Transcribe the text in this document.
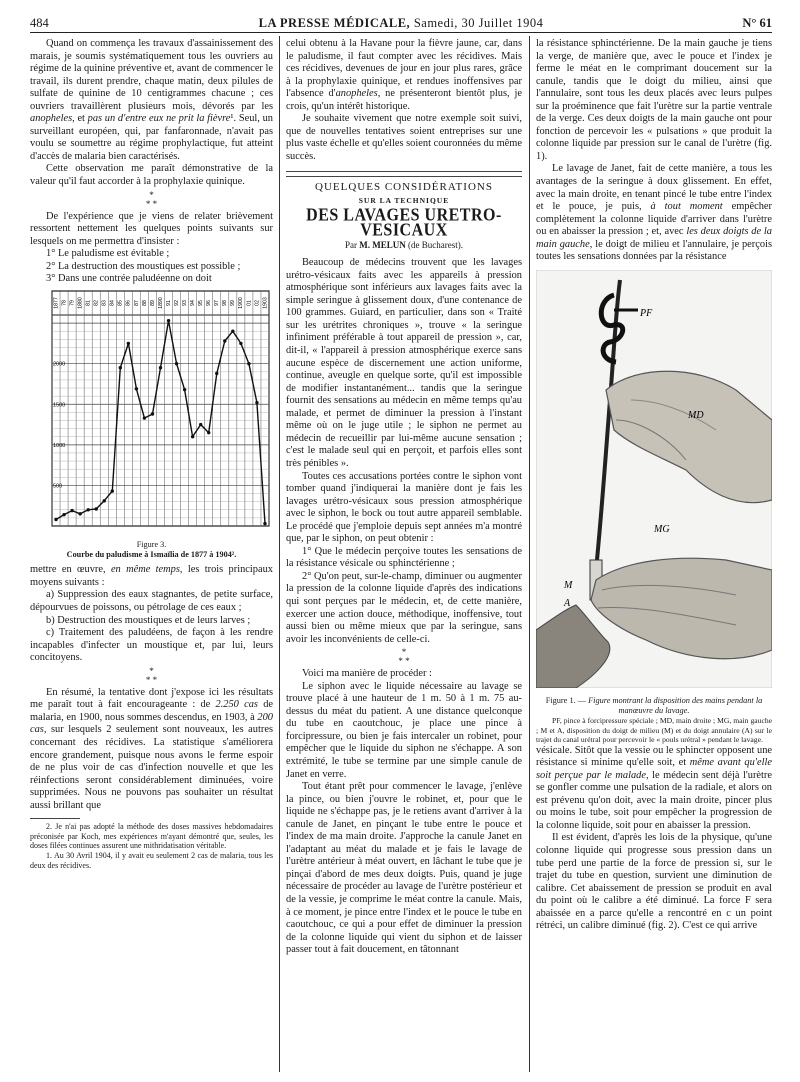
484	LA PRESSE MÉDICALE, Samedi, 30 Juillet 1904	N° 61

Quand on commença les travaux d'assainissement des marais, je soumis systématiquement tous les ouvriers au régime de la quinine préventive et, avant de commencer le travail, ils durent prendre, chaque matin, deux pilules de sulfate de quinine de 10 centigrammes chacune ; ces ouvriers travaillèrent plusieurs mois, dévorés par les anopheles, et pas un d'entre eux ne prit la fièvre¹. Seul, un surveillant européen, qui, par fanfaronnade, n'avait pas voulu se soumettre au régime prophylactique, fut atteint d'accès de malaria bien caractérisés.

Cette observation me paraît démonstrative de la valeur qu'il faut accorder à la prophylaxie quinique.

*
* *

De l'expérience que je viens de relater brièvement ressortent nettement les quelques points suivants sur lesquels on me permettra d'insister :

1° Le paludisme est évitable ;

2° La destruction des moustiques est possible ;

3° Dans une contrée paludéenne on doit

1877 78 79 1880 81 82 83 84 85 86 87 88 89 1890 91 92 93 94 95 96 97 98 99 1900 01 02 1903
500
1000
1500
2000
Figure 3.
Courbe du paludisme à Ismaïlia de 1877 à 1904².

mettre en œuvre, en même temps, les trois principaux moyens suivants :

a) Suppression des eaux stagnantes, de petite surface, dépourvues de poissons, ou pétrolage de ces eaux ;

b) Destruction des moustiques et de leurs larves ;

c) Traitement des paludéens, de façon à les rendre incapables d'infecter un moustique et, par lui, leurs concitoyens.

*
* *

En résumé, la tentative dont j'expose ici les résultats me paraît tout à fait encourageante : de 2.250 cas de malaria, en 1900, nous sommes descendus, en 1903, à 200 cas, sur lesquels 2 seulement sont nouveaux, les autres concernant des récidives. La statistique s'améliorera encore grandement, puisque nous avons le ferme espoir de ne plus voir de cas d'infection nouvelle et que les réinfections seront considérablement diminuées, voire supprimées. Nous ne pouvons pas souhaiter un résultat aussi brillant que

2. Je n'ai pas adopté la méthode des doses massives hebdomadaires préconisée par Koch, mes expériences m'ayant démontré que, seules, les doses filées continues assurent une mithridatisation véritable.

1. Au 30 Avril 1904, il y avait eu seulement 2 cas de malaria, tous les deux des récidives.

celui obtenu à la Havane pour la fièvre jaune, car, dans le paludisme, il faut compter avec les récidives. Mais ces récidives, devenues de jour en jour plus rares, grâce à la prophylaxie quinique, et rendues inoffensives par l'absence d'anopheles, ne présenteront bientôt plus, je crois, qu'un intérêt historique.

Je souhaite vivement que notre exemple soit suivi, que de nouvelles tentatives soient entreprises sur une plus vaste échelle et qu'elles soient couronnées du même succès.

QUELQUES CONSIDÉRATIONS
SUR LA TECHNIQUE
DES LAVAGES URETRO-VESICAUX
Par M. MELUN (de Bucharest).

Beaucoup de médecins trouvent que les lavages urétro-vésicaux faits avec les appareils à pression atmosphérique sont inférieurs aux lavages faits avec la simple seringue à glissement doux, d'une contenance de 100 grammes. Guiard, en particulier, dans son « Traité sur les urétrites chroniques », trouve « la seringue infiniment préférable à tout appareil de pression », car, dit-il, « l'appareil à pression atmosphérique exerce sans aucune espèce de discernement une action uniforme, continue, aveugle en quelque sorte, qu'il est impossible de modifier instantanément... tandis que la seringue fournit des sensations au médecin en même temps qu'au malade, et permet de diminuer la pression à l'instant même où on le juge utile ; le siphon ne permet au médecin de recueillir par lui-même aucune sensation ; c'est le malade seul qui en perçoit, et parfois elles sont très pénibles ».

Toutes ces accusations portées contre le siphon vont tomber quand j'indiquerai la manière dont je fais les lavages urétro-vésicaux sous pression atmosphérique avec le siphon, le bock ou tout autre appareil semblable. Le procédé que j'emploie depuis sept années m'a montré que, par le siphon, on peut obtenir :

1° Que le médecin perçoive toutes les sensations de la résistance vésicale ou sphinctérienne ;

2° Qu'on peut, sur-le-champ, diminuer ou augmenter la pression de la colonne liquide d'après des indications qui sont perçues par le médecin, et, de cette manière, exercer une action douce, méthodique, inoffensive, tout aussi bien ou même mieux que par la seringue, sans avoir les inconvénients de celle-ci.

*
* *

Voici ma manière de procéder :

Le siphon avec le liquide nécessaire au lavage se trouve placé à une hauteur de 1 m. 50 à 1 m. 75 au-dessus du méat du patient. A une distance quelconque du tube en caoutchouc, je place une pince à forcipressure, ou bien je fais intercaler un robinet, pour empêcher que le liquide du siphon ne s'échappe. A son extrémité, le tube se termine par une simple canule de Janet en verre.

Tout étant prêt pour commencer le lavage, j'enlève la pince, ou bien j'ouvre le robinet, et, pour que le liquide ne s'échappe pas, je le retiens avant d'arriver à la canule de Janet, en pinçant le tube entre le pouce et l'index de ma main droite. J'approche la canule Janet en l'adaptant au méat du malade et je fais le lavage de l'urètre antérieur à méat ouvert, en lâchant le tube que je pinçai d'abord de mes deux doigts. Puis, quand je juge nécessaire de procéder au lavage de l'urètre postérieur et de la vessie, je comprime le méat contre la canule. Mais, à ce moment, je pince entre l'index et le pouce le tube en caoutchouc, ce qui a pour effet de diminuer la pression de la colonne liquide qui vient du siphon et de laisser passer tout à fait doucement, en tâtonnant

la résistance sphinctérienne. De la main gauche je tiens la verge, de manière que, avec le pouce et l'index je ferme le méat en le comprimant doucement sur la canule, tandis que le doigt du milieu, ainsi que l'annulaire, sont tous les deux placés avec leurs pulpes sur la proéminence que fait l'urètre sur la partie ventrale de la verge. Ces deux doigts de la main gauche ont pour fonction de percevoir les « pulsations » que produit la colonne liquide par pression sur le canal de l'urètre (fig. 1).

Le lavage de Janet, fait de cette manière, a tous les avantages de la seringue à doux glissement. En effet, avec la main droite, en tenant pincé le tube entre l'index et le pouce, je puis, à tout moment empêcher complètement la colonne liquide d'arriver dans l'urètre ou en abaisser la pression ; et, avec les deux doigts de la main gauche, le doigt de milieu et l'annulaire, je perçois toutes les sensations données par la résistance

PF
MD
MG
M
A
Figure 1. — Figure montrant la disposition des mains pendant la manœuvre du lavage.

PF, pince à forcipressure spéciale ; MD, main droite ; MG, main gauche ; M et A, disposition du doigt de milieu (M) et du doigt annulaire (A) sur le trajet du canal urétral pour percevoir le « pouls urétral » pendant le lavage.

vésicale. Sitôt que la vessie ou le sphincter opposent une résistance si minime qu'elle soit, et même avant qu'elle soit perçue par le malade, le médecin sent déjà l'urètre se gonfler comme une pulsation de la radiale, et alors on est prévenu qu'on doit, avec la main droite, pincer plus ou moins le tube, soit pour empêcher la progression de la colonne liquide, soit pour en abaisser la pression.

Il est évident, d'après les lois de la physique, qu'une colonne liquide qui progresse sous pression dans un tube perd une partie de la force de pression si, sur le trajet du tube en question, survient une diminution de calibre. Cet abaissement de pression se produit en aval du point où le calibre a été diminué. La force F sera abaissée en a parce qu'elle a rencontré en c un point rétréci, un calibre diminué (fig. 2). C'est ce qui arrive
